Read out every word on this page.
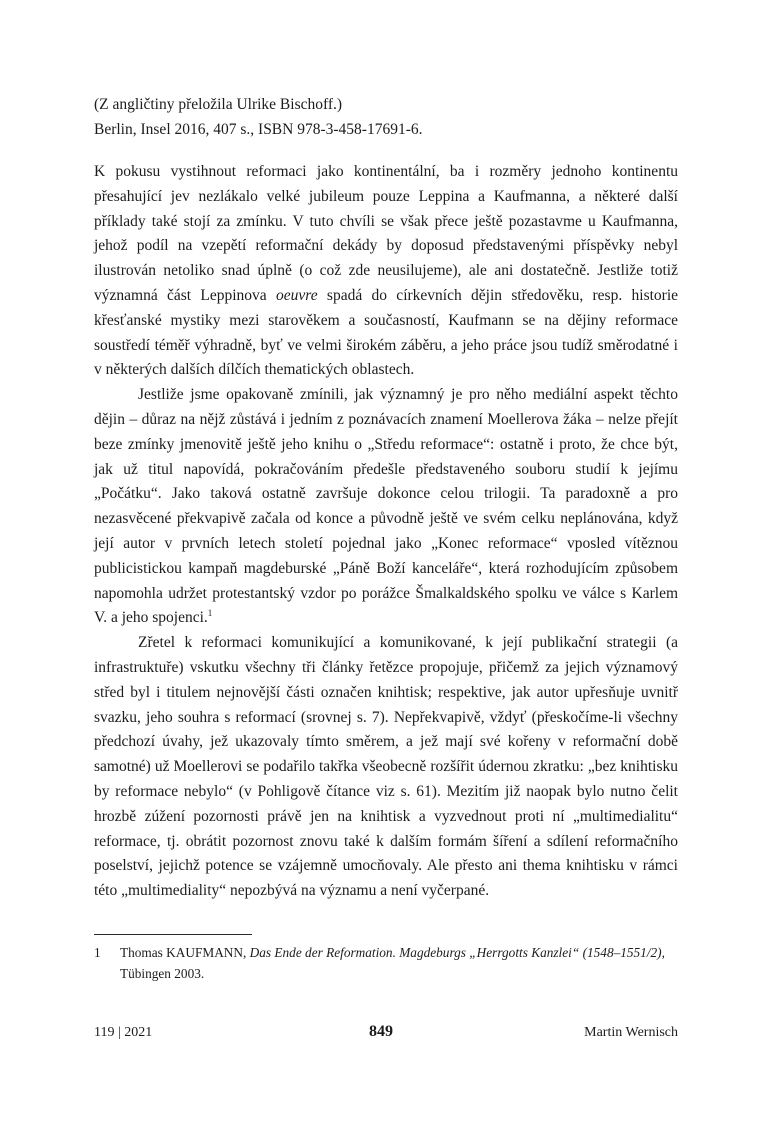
(Z angličtiny přeložila Ulrike Bischoff.)
Berlin, Insel 2016, 407 s., ISBN 978-3-458-17691-6.

K pokusu vystihnout reformaci jako kontinentální, ba i rozměry jednoho kontinentu přesahující jev nezlákalo velké jubileum pouze Leppina a Kaufmanna, a některé další příklady také stojí za zmínku. V tuto chvíli se však přece ještě pozastavme u Kaufmanna, jehož podíl na vzepětí reformační dekády by doposud představenými příspěvky nebyl ilustrován netoliko snad úplně (o což zde neusilujeme), ale ani dostatečně. Jestliže totiž významná část Leppinova oeuvre spadá do církevních dějin středověku, resp. historie křesťanské mystiky mezi starověkem a současností, Kaufmann se na dějiny reformace soustředí téměř výhradně, byť ve velmi širokém záběru, a jeho práce jsou tudíž směrodatné i v některých dalších dílčích thematických oblastech.

Jestliže jsme opakovaně zmínili, jak významný je pro něho mediální aspekt těchto dějin – důraz na nějž zůstává i jedním z poznávacích znamení Moellerova žáka – nelze přejít beze zmínky jmenovitě ještě jeho knihu o „Středu reformace“: ostatně i proto, že chce být, jak už titul napovídá, pokračováním předešle představeného souboru studií k jejímu „Počátku“. Jako taková ostatně završuje dokonce celou trilogii. Ta paradoxně a pro nezasvěcené překvapivě začala od konce a původně ještě ve svém celku neplánována, když její autor v prvních letech století pojednal jako „Konec reformace“ vposled vítěznou publicistickou kampaň magdeburské „Páně Boží kanceláře“, která rozhodujícím způsobem napomohla udržet protestantský vzdor po porážce Šmalkaldského spolku ve válce s Karlem V. a jeho spojenci.$^1$

Zřetel k reformaci komunikující a komunikované, k její publikační strategii (a infrastruktuře) vskutku všechny tři články řetězce propojuje, přičemž za jejich významový střed byl i titulem nejnovější části označen knihtisk; respektive, jak autor upřesňuje uvnitř svazku, jeho souhra s reformací (srovnej s. 7). Nepřekvapivě, vždyť (přeskočíme-li všechny předchozí úvahy, jež ukazovaly tímto směrem, a jež mají své kořeny v reformační době samotné) už Moellerovi se podařilo takřka všeobecně rozšířit údernou zkratku: „bez knihtisku by reformace nebylo“ (v Pohligově čítance viz s. 61). Mezitím již naopak bylo nutno čelit hrozbě zúžení pozornosti právě jen na knihtisk a vyzvednout proti ní „multimedialitu“ reformace, tj. obrátit pozornost znovu také k dalším formám šíření a sdílení reformačního poselství, jejichž potence se vzájemně umocňovaly. Ale přesto ani thema knihtisku v rámci této „multimediality“ nepozbývá na významu a není vyčerpané.

1	Thomas KAUFMANN, Das Ende der Reformation. Magdeburgs „Herrgotts Kanzlei“ (1548–1551/2), Tübingen 2003.
119 | 2021	849	Martin Wernisch
